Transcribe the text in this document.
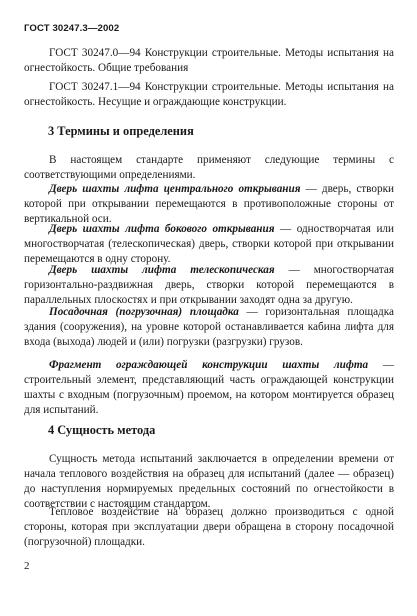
ГОСТ 30247.3—2002

ГОСТ 30247.0—94 Конструкции строительные. Методы испытания на огнестойкость. Общие требования

ГОСТ 30247.1—94 Конструкции строительные. Методы испытания на огнестойкость. Несущие и ограждающие конструкции.

3 Термины и определения

В настоящем стандарте применяют следующие термины с соответствующими определениями.

Дверь шахты лифта центрального открывания — дверь, створки которой при открывании перемещаются в противоположные стороны от вертикальной оси.

Дверь шахты лифта бокового открывания — одностворчатая или многостворчатая (телескопическая) дверь, створки которой при открывании перемещаются в одну сторону.

Дверь шахты лифта телескопическая — многостворчатая горизонтально-раздвижная дверь, створки которой перемещаются в параллельных плоскостях и при открывании заходят одна за другую.

Посадочная (погрузочная) площадка — горизонтальная площадка здания (сооружения), на уровне которой останавливается кабина лифта для входа (выхода) людей и (или) погрузки (разгрузки) грузов.

Фрагмент ограждающей конструкции шахты лифта — строительный элемент, представляющий часть ограждающей конструкции шахты с входным (погрузочным) проемом, на котором монтируется образец для испытаний.

4 Сущность метода

Сущность метода испытаний заключается в определении времени от начала теплового воздействия на образец для испытаний (далее — образец) до наступления нормируемых предельных состояний по огнестойкости в соответствии с настоящим стандартом.

Тепловое воздействие на образец должно производиться с одной стороны, которая при эксплуатации двери обращена в сторону посадочной (погрузочной) площадки.

2
